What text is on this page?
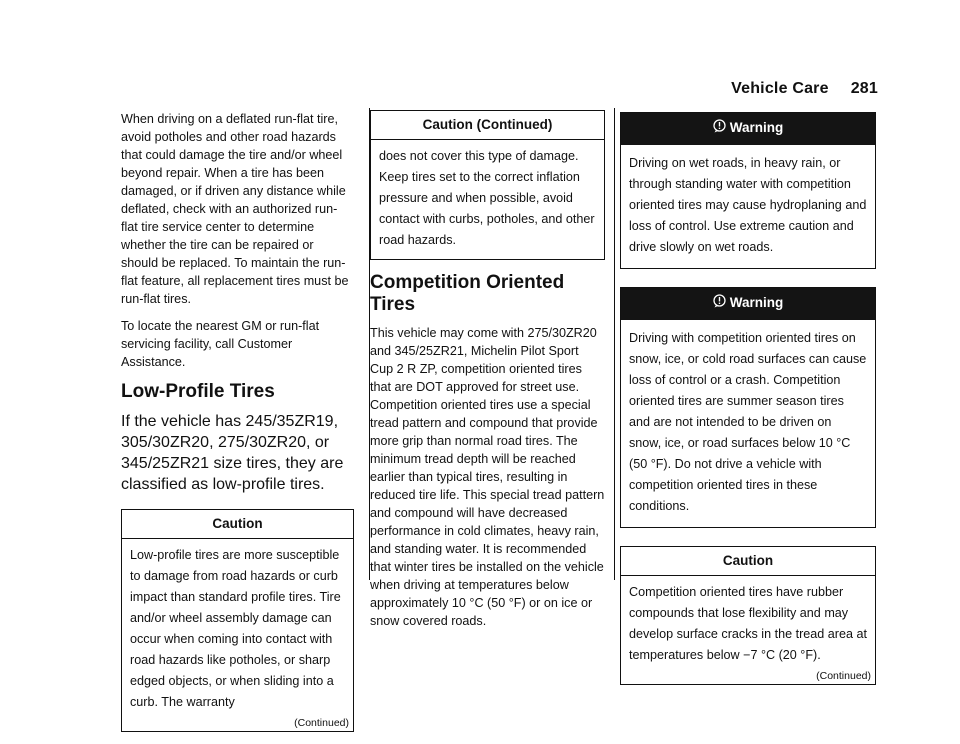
Vehicle Care 281

When driving on a deflated run-flat tire, avoid potholes and other road hazards that could damage the tire and/or wheel beyond repair. When a tire has been damaged, or if driven any distance while deflated, check with an authorized run-flat tire service center to determine whether the tire can be repaired or should be replaced. To maintain the run-flat feature, all replacement tires must be run-flat tires.

To locate the nearest GM or run-flat servicing facility, call Customer Assistance.

Low-Profile Tires
If the vehicle has 245/35ZR19, 305/30ZR20, 275/30ZR20, or 345/25ZR21 size tires, they are classified as low-profile tires.
Caution

Low-profile tires are more susceptible to damage from road hazards or curb impact than standard profile tires. Tire and/or wheel assembly damage can occur when coming into contact with road hazards like potholes, or sharp edged objects, or when sliding into a curb. The warranty

(Continued)
Caution (Continued)

does not cover this type of damage. Keep tires set to the correct inflation pressure and when possible, avoid contact with curbs, potholes, and other road hazards.

Competition Oriented Tires

This vehicle may come with 275/30ZR20 and 345/25ZR21, Michelin Pilot Sport Cup 2 R ZP, competition oriented tires that are DOT approved for street use. Competition oriented tires use a special tread pattern and compound that provide more grip than normal road tires. The minimum tread depth will be reached earlier than typical tires, resulting in reduced tire life. This special tread pattern and compound will have decreased performance in cold climates, heavy rain, and standing water. It is recommended that winter tires be installed on the vehicle when driving at temperatures below approximately 10 °C (50 °F) or on ice or snow covered roads.

Warning

Driving on wet roads, in heavy rain, or through standing water with competition oriented tires may cause hydroplaning and loss of control. Use extreme caution and drive slowly on wet roads.

Warning

Driving with competition oriented tires on snow, ice, or cold road surfaces can cause loss of control or a crash. Competition oriented tires are summer season tires and are not intended to be driven on snow, ice, or road surfaces below 10 °C (50 °F). Do not drive a vehicle with competition oriented tires in these conditions.

Caution

Competition oriented tires have rubber compounds that lose flexibility and may develop surface cracks in the tread area at temperatures below −7 °C (20 °F).

(Continued)
